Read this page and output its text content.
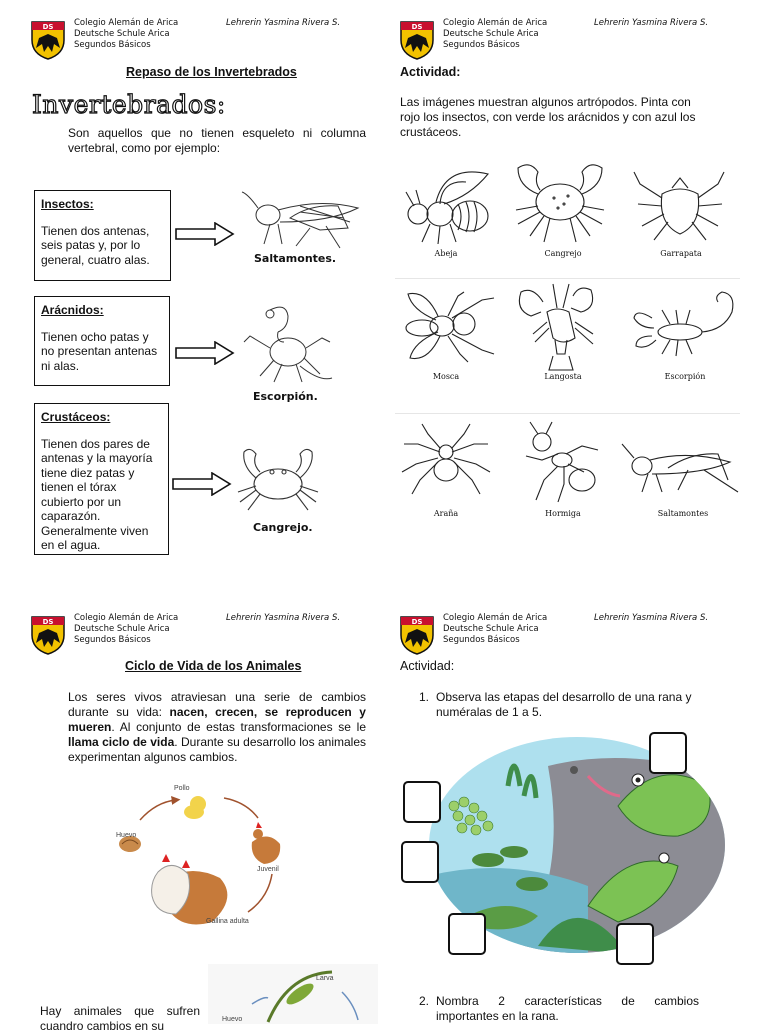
DS Colegio Alemán de Arica
Deutsche Schule Arica
Segundos Básicos
Lehrerin Yasmina Rivera S.
Repaso de los Invertebrados
Invertebrados:
Son aquellos que no tienen esqueleto ni columna vertebral, como por ejemplo:
Insectos:
Tienen dos antenas, seis patas y, por lo general, cuatro alas.	Saltamontes.
Arácnidos:
Tienen ocho patas y no presentan antenas ni alas.
Escorpión.
Crustáceos:
Tienen dos pares de antenas y la mayoría tiene diez patas y tienen el tórax cubierto por un caparazón. Generalmente viven en el agua.
Cangrejo.
DS Colegio Alemán de Arica
Deutsche Schule Arica
Segundos Básicos
Lehrerin Yasmina Rivera S.
Actividad:
Las imágenes muestran algunos artrópodos. Pinta con rojo los insectos, con verde los arácnidos y con azul los crustáceos.
Abeja	Cangrejo	Garrapata
Mosca	Langosta	Escorpión
Araña	Hormiga	Saltamontes
DS Colegio Alemán de Arica
Deutsche Schule Arica
Segundos Básicos
Lehrerin Yasmina Rivera S.
Ciclo de Vida de los Animales
Los seres vivos atraviesan una serie de cambios durante su vida: nacen, crecen, se reproducen y mueren. Al conjunto de estas transformaciones se le llama ciclo de vida. Durante su desarrollo los animales experimentan algunos cambios.
Pollo
Huevo
Juvenil
Gallina adulta
Hay animales que sufren cuandro cambios en su
Larva
Huevo
DS Colegio Alemán de Arica
Deutsche Schule Arica
Segundos Básicos
Lehrerin Yasmina Rivera S.
Actividad:
1. Observa las etapas del desarrollo de una rana y numéralas de 1 a 5.
2. Nombra 2 características de cambios importantes en la rana.
